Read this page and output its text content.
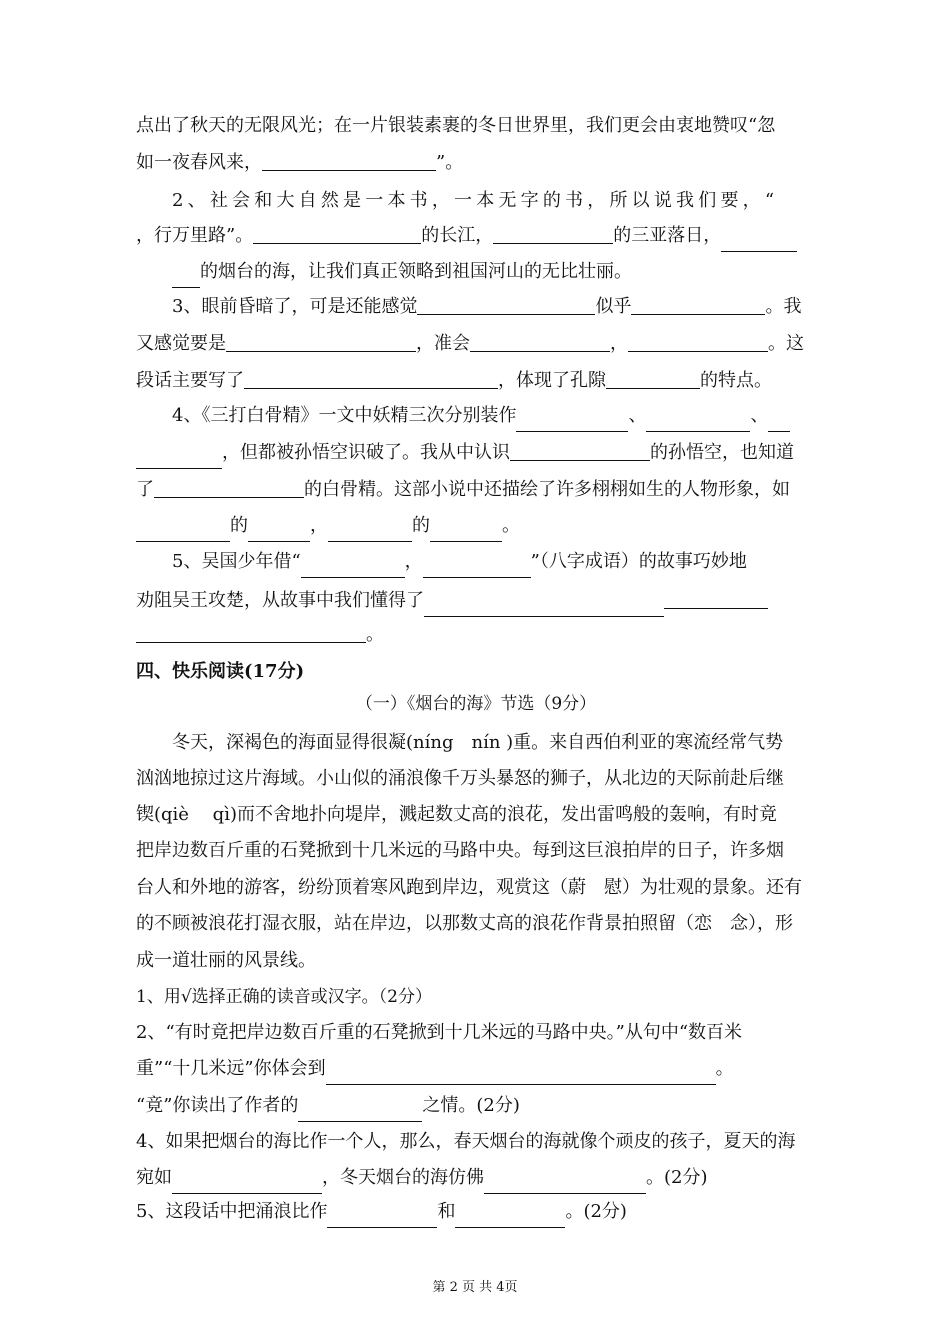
点出了秋天的无限风光；在一片银装素裹的冬日世界里，我们更会由衷地赞叹“忽
如一夜春风来，	”。
2、社会和大自然是一本书，一本无字的书，所以说我们要，“
，行万里路”。	的长江，	的三亚落日，
的烟台的海，让我们真正领略到祖国河山的无比壮丽。
3、眼前昏暗了，可是还能感觉	似乎	。我
又感觉要是	，准会	，	。这
段话主要写了	，体现了孔隙	的特点。
4、《三打白骨精》一文中妖精三次分别装作	、	、
，但都被孙悟空识破了。我从中认识	的孙悟空，也知道
了	的白骨精。这部小说中还描绘了许多栩栩如生的人物形象，如
的	，	的	。
5、吴国少年借“	，	”（八字成语）的故事巧妙地
劝阻吴王攻楚，从故事中我们懂得了
。
四、快乐阅读(17分)
（一）《烟台的海》节选（9分）
冬天，深褐色的海面显得很凝(níng　nín )重。来自西伯利亚的寒流经常气势
汹汹地掠过这片海域。小山似的涌浪像千万头暴怒的狮子，从北边的天际前赴后继
锲(qiè　 qì)而不舍地扑向堤岸，溅起数丈高的浪花，发出雷鸣般的轰响，有时竟
把岸边数百斤重的石凳掀到十几米远的马路中央。每到这巨浪拍岸的日子，许多烟
台人和外地的游客，纷纷顶着寒风跑到岸边，观赏这（蔚　慰）为壮观的景象。还有
的不顾被浪花打湿衣服，站在岸边，以那数丈高的浪花作背景拍照留（恋　念），形
成一道壮丽的风景线。
1、用√选择正确的读音或汉字。（2分）
2、“有时竟把岸边数百斤重的石凳掀到十几米远的马路中央。”从句中“数百米
重”“十几米远”你体会到	。
“竟”你读出了作者的	之情。(2分)
4、如果把烟台的海比作一个人，那么，春天烟台的海就像个顽皮的孩子，夏天的海
宛如	，冬天烟台的海仿佛	。(2分)
5、这段话中把涌浪比作	和	。(2分)
第 2 页 共 4页
